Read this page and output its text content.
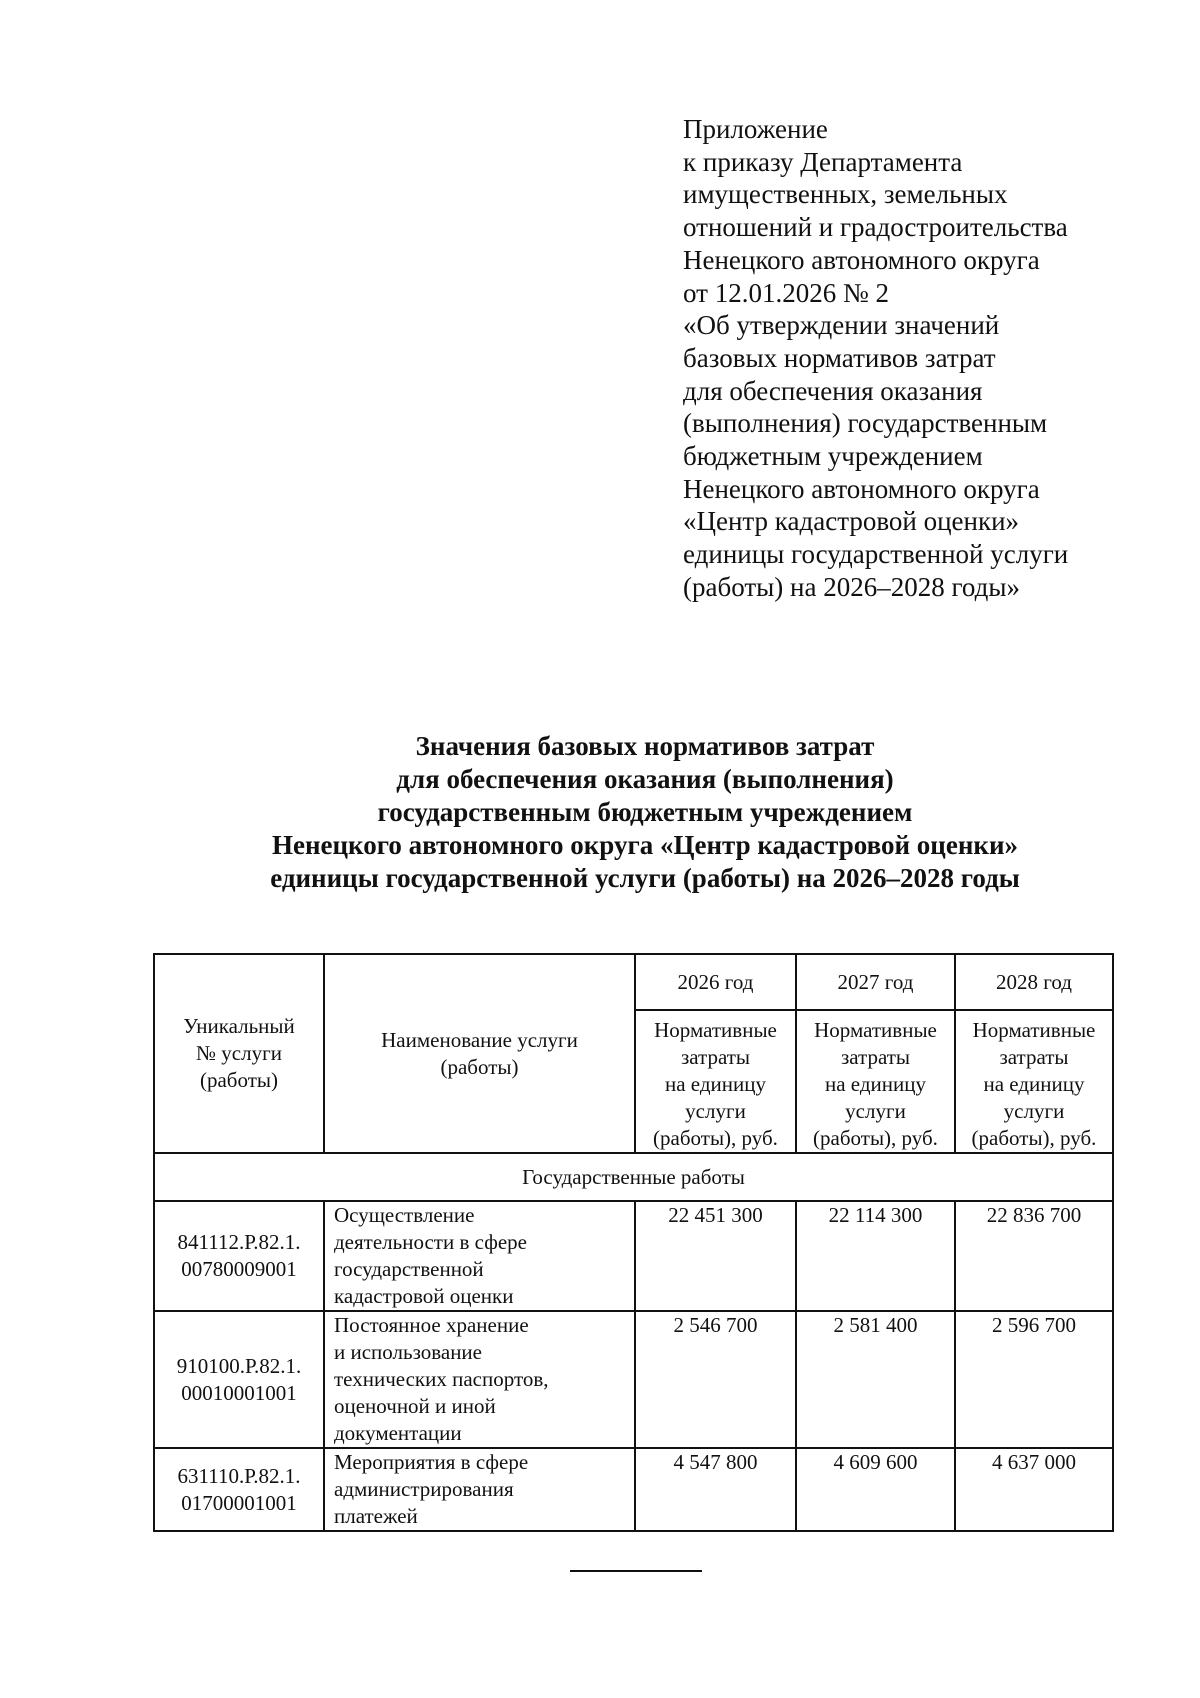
Приложение
к приказу Департамента
имущественных, земельных
отношений и градостроительства
Ненецкого автономного округа
от 12.01.2026 № 2
«Об утверждении значений
базовых нормативов затрат
для обеспечения оказания
(выполнения) государственным
бюджетным учреждением
Ненецкого автономного округа
«Центр кадастровой оценки»
единицы государственной услуги
(работы) на 2026–2028 годы»
Значения базовых нормативов затрат
для обеспечения оказания (выполнения)
государственным бюджетным учреждением
Ненецкого автономного округа «Центр кадастровой оценки»
единицы государственной услуги (работы) на 2026–2028 годы
Уникальный
№ услуги
(работы)	Наименование услуги
(работы)	2026 год	2027 год	2028 год

		Нормативные
затраты
на единицу
услуги
(работы), руб.	Нормативные
затраты
на единицу
услуги
(работы), руб.	Нормативные
затраты
на единицу
услуги
(работы), руб.

Государственные работы				

841112.Р.82.1.
00780009001	Осуществление
деятельности в сфере
государственной
кадастровой оценки	22 451 300	22 114 300	22 836 700

910100.Р.82.1.
00010001001	Постоянное хранение
и использование
технических паспортов,
оценочной и иной
документации	2 546 700	2 581 400	2 596 700

631110.Р.82.1.
01700001001	Мероприятия в сфере
администрирования
платежей	4 547 800	4 609 600	4 637 000
